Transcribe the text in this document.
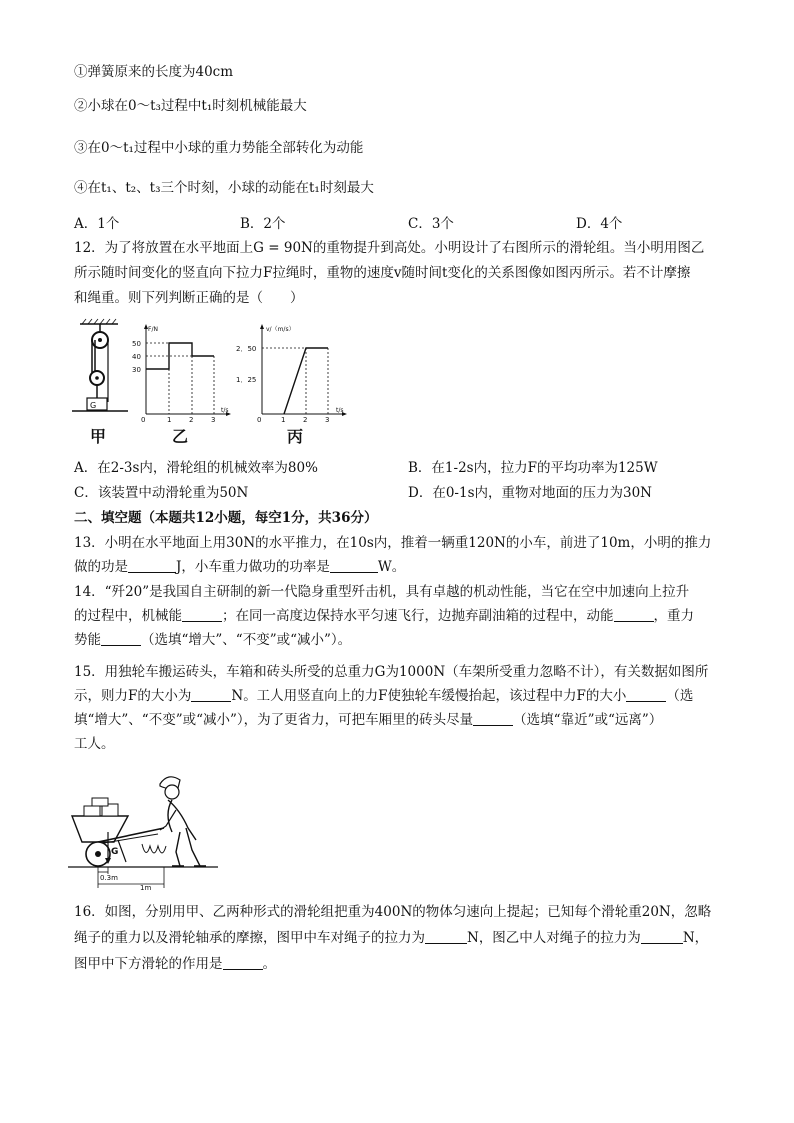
①弹簧原来的长度为40cm
②小球在0～t₃过程中t₁时刻机械能最大
③在0～t₁过程中小球的重力势能全部转化为动能
④在t₁、t₂、t₃三个时刻，小球的动能在t₁时刻最大
A．1个	B．2个	C．3个	D．4个
12．为了将放置在水平地面上G = 90N的重物提升到高处。小明设计了右图所示的滑轮组。当小明用图乙
所示随时间变化的竖直向下拉力F拉绳时，重物的速度v随时间t变化的关系图像如图丙所示。若不计摩擦
和绳重。则下列判断正确的是（　　）
G
F/N
t/s
50
40
30
0	1	2	3
v/（m/s）
t/s
2．50
1．25
0	1	2	3
甲	乙	丙
A．在2-3s内，滑轮组的机械效率为80%	B．在1-2s内，拉力F的平均功率为125W
C．该装置中动滑轮重为50N	D．在0-1s内，重物对地面的压力为30N
二、填空题（本题共12小题，每空1分，共36分）
13．小明在水平地面上用30N的水平推力，在10s内，推着一辆重120N的小车，前进了10m，小明的推力
做的功是	J，小车重力做功的功率是	W。
14．“歼20”是我国自主研制的新一代隐身重型歼击机，具有卓越的机动性能，当它在空中加速向上拉升
的过程中，机械能	；在同一高度边保持水平匀速飞行，边抛弃副油箱的过程中，动能	，重力
势能	（选填“增大”、“不变”或“减小”）。
15．用独轮车搬运砖头，车箱和砖头所受的总重力G为1000N（车架所受重力忽略不计），有关数据如图所
示，则力F的大小为	N。工人用竖直向上的力F使独轮车缓慢抬起，该过程中力F的大小	（选
填“增大”、“不变”或“减小”），为了更省力，可把车厢里的砖头尽量	（选填“靠近”或“远离”）
工人。
G
0.3m
1m
16．如图，分别用甲、乙两种形式的滑轮组把重为400N的物体匀速向上提起；已知每个滑轮重20N，忽略
绳子的重力以及滑轮轴承的摩擦，图甲中车对绳子的拉力为	N，图乙中人对绳子的拉力为	N，
图甲中下方滑轮的作用是	。
